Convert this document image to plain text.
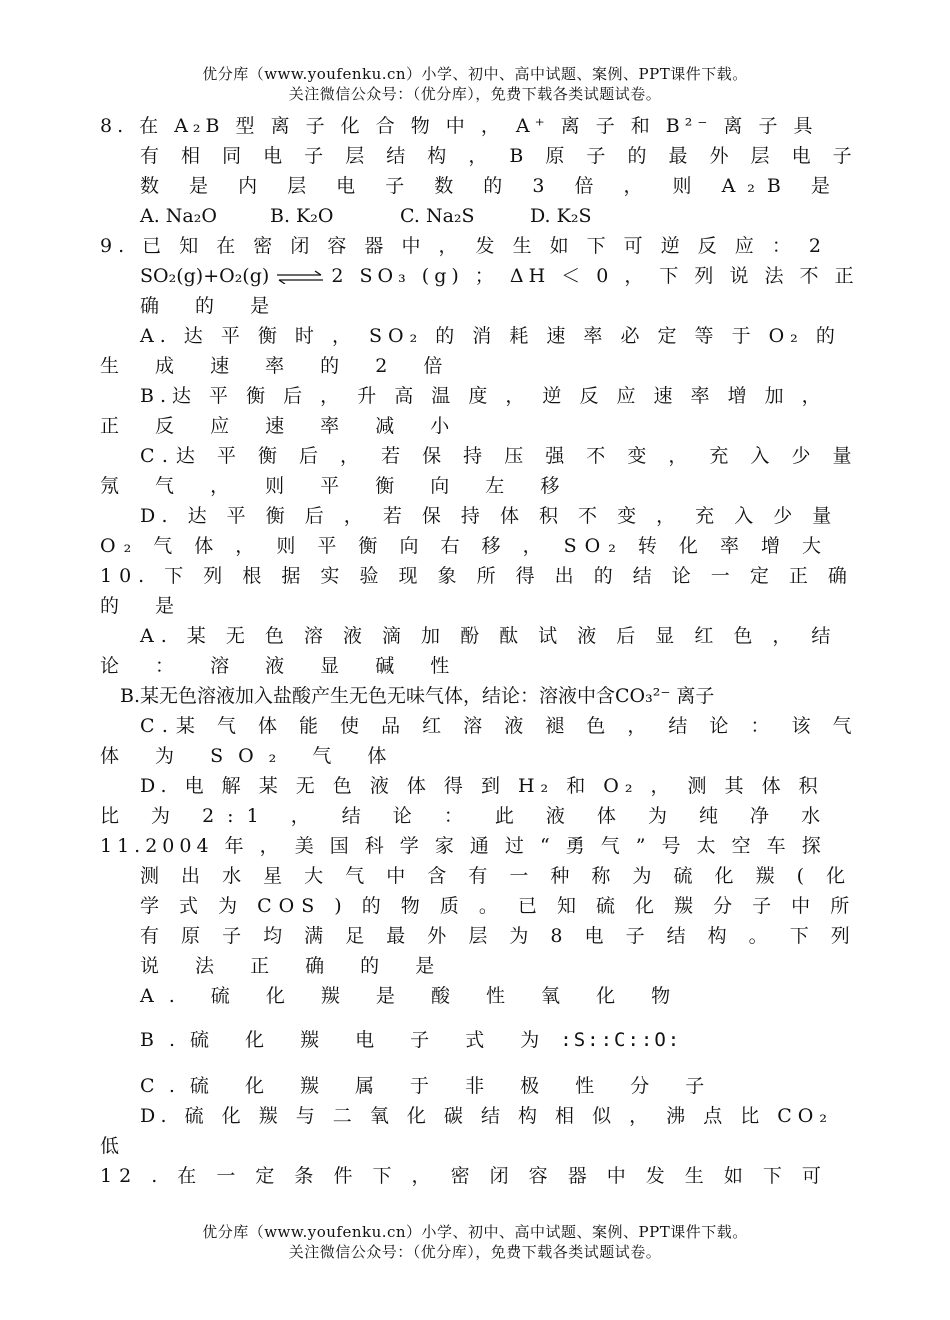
优分库（www.youfenku.cn）小学、初中、高中试题、案例、PPT课件下载。
关注微信公众号：（优分库），免费下载各类试题试卷。
8. 在 A₂B 型 离 子 化 合 物 中 ， A⁺ 离 子 和 B²⁻ 离 子 具
有 相 同 电 子 层 结 构 ， B 原 子 的 最 外 层 电 子
数 是 内 层 电 子 数 的 3 倍 ， 则 A₂B 是
A. Na₂O	B. K₂O	C. Na₂S	D. K₂S
9. 已 知 在 密 闭 容 器 中 ， 发 生 如 下 可 逆 反 应 ： 2
SO₂(g)+O₂(g) ⇌ 2 SO₃ (g) ； ΔH ＜ 0 ， 下 列 说 法 不 正
确 的 是
A. 达 平 衡 时 ， SO₂ 的 消 耗 速 率 必 定 等 于 O₂ 的
生 成 速 率 的 2 倍
B.达 平 衡 后 ， 升 高 温 度 ， 逆 反 应 速 率 增 加 ，
正 反 应 速 率 减 小
C.达 平 衡 后 ， 若 保 持 压 强 不 变 ， 充 入 少 量
氖 气 ， 则 平 衡 向 左 移
D. 达 平 衡 后 ， 若 保 持 体 积 不 变 ， 充 入 少 量
O₂ 气 体 ， 则 平 衡 向 右 移 ， SO₂ 转 化 率 增 大
10. 下 列 根 据 实 验 现 象 所 得 出 的 结 论 一 定 正 确
的 是
A. 某 无 色 溶 液 滴 加 酚 酞 试 液 后 显 红 色 ， 结
论 ： 溶 液 显 碱 性
B.某无色溶液加入盐酸产生无色无味气体，结论：溶液中含CO₃²⁻ 离子
C.某 气 体 能 使 品 红 溶 液 褪 色 ， 结 论 ： 该 气
体 为 SO₂ 气 体
D. 电 解 某 无 色 液 体 得 到 H₂ 和 O₂ ， 测 其 体 积
比 为 2:1 ， 结 论 ： 此 液 体 为 纯 净 水
11.2004 年 ， 美 国 科 学 家 通 过 “ 勇 气 ” 号 太 空 车 探
测 出 水 星 大 气 中 含 有 一 种 称 为 硫 化 羰 ( 化
学 式 为 COS ) 的 物 质 。 已 知 硫 化 羰 分 子 中 所
有 原 子 均 满 足 最 外 层 为 8 电 子 结 构 。 下 列
说 法 正 确 的 是
A. 硫 化 羰 是 酸 性 氧 化 物
B.硫 化 羰 电 子 式 为 :S::C::O:
C.硫 化 羰 属 于 非 极 性 分 子
D. 硫 化 羰 与 二 氧 化 碳 结 构 相 似 ， 沸 点 比 CO₂
低
12 . 在 一 定 条 件 下 ， 密 闭 容 器 中 发 生 如 下 可
优分库（www.youfenku.cn）小学、初中、高中试题、案例、PPT课件下载。
关注微信公众号：（优分库），免费下载各类试题试卷。
